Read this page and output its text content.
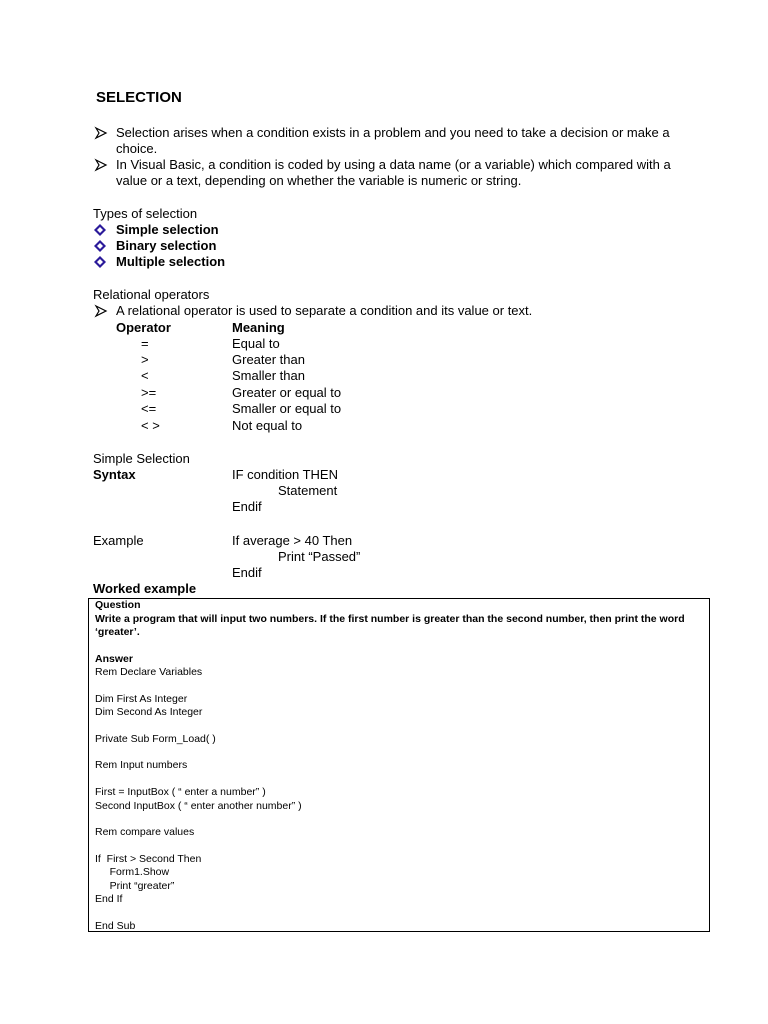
SELECTION
Selection arises when a condition exists in a problem and you need to take a decision or make a
choice.
In Visual Basic, a condition is coded by using a data name (or a variable) which compared with a
value or a text, depending on whether the variable is numeric or string.
Types of selection
Simple selection
Binary selection
Multiple selection
Relational operators
A relational operator is used to separate a condition and its value or text.
Operator	Meaning
=	Equal to
>	Greater than
<	Smaller than
>=	Greater or equal to
<=	Smaller or equal to
< >	Not equal to
Simple Selection
Syntax	IF condition THEN
Statement
Endif
Example	If average > 40 Then
Print “Passed”
Endif
Worked example
Question
Write a program that will input two numbers. If the first number is greater than the second number, then print the word ‘greater’.
Answer
Rem Declare Variables
Dim First As Integer
Dim Second As Integer
Private Sub Form_Load( )
Rem Input numbers
First = InputBox ( “ enter a number” )
Second InputBox ( “ enter another number” )
Rem compare values
If  First > Second Then
Form1.Show
Print “greater”
End If
End Sub
